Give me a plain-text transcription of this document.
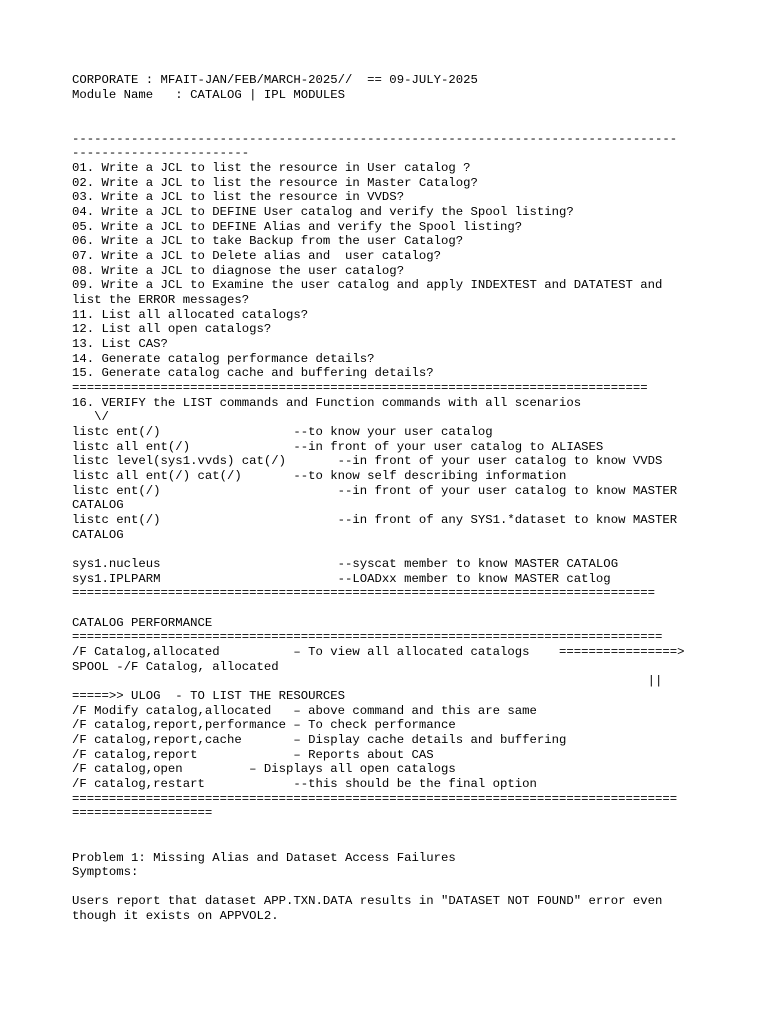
CORPORATE : MFAIT-JAN/FEB/MARCH-2025//  == 09-JULY-2025
Module Name   : CATALOG | IPL MODULES
----------------------------------------------------------------------------------
------------------------
01. Write a JCL to list the resource in User catalog ?
02. Write a JCL to list the resource in Master Catalog?
03. Write a JCL to list the resource in VVDS?
04. Write a JCL to DEFINE User catalog and verify the Spool listing?
05. Write a JCL to DEFINE Alias and verify the Spool listing?
06. Write a JCL to take Backup from the user Catalog?
07. Write a JCL to Delete alias and  user catalog?
08. Write a JCL to diagnose the user catalog?
09. Write a JCL to Examine the user catalog and apply INDEXTEST and DATATEST and
list the ERROR messages?
11. List all allocated catalogs?
12. List all open catalogs?
13. List CAS?
14. Generate catalog performance details?
15. Generate catalog cache and buffering details?
==============================================================================
16. VERIFY the LIST commands and Function commands with all scenarios
\/
listc ent(/)                  --to know your user catalog
listc all ent(/)              --in front of your user catalog to ALIASES
listc level(sys1.vvds) cat(/)       --in front of your user catalog to know VVDS
listc all ent(/) cat(/)       --to know self describing information
listc ent(/)                        --in front of your user catalog to know MASTER
CATALOG
listc ent(/)                        --in front of any SYS1.*dataset to know MASTER
CATALOG
sys1.nucleus                        --syscat member to know MASTER CATALOG
sys1.IPLPARM                        --LOADxx member to know MASTER catlog
===============================================================================
CATALOG PERFORMANCE
================================================================================
/F Catalog,allocated          – To view all allocated catalogs    ================>
SPOOL -/F Catalog, allocated
||
=====>> ULOG  - TO LIST THE RESOURCES
/F Modify catalog,allocated   – above command and this are same
/F catalog,report,performance – To check performance
/F catalog,report,cache       – Display cache details and buffering
/F catalog,report             – Reports about CAS
/F catalog,open         – Displays all open catalogs
/F catalog,restart            --this should be the final option
==================================================================================
===================
Problem 1: Missing Alias and Dataset Access Failures
Symptoms:
Users report that dataset APP.TXN.DATA results in "DATASET NOT FOUND" error even
though it exists on APPVOL2.
